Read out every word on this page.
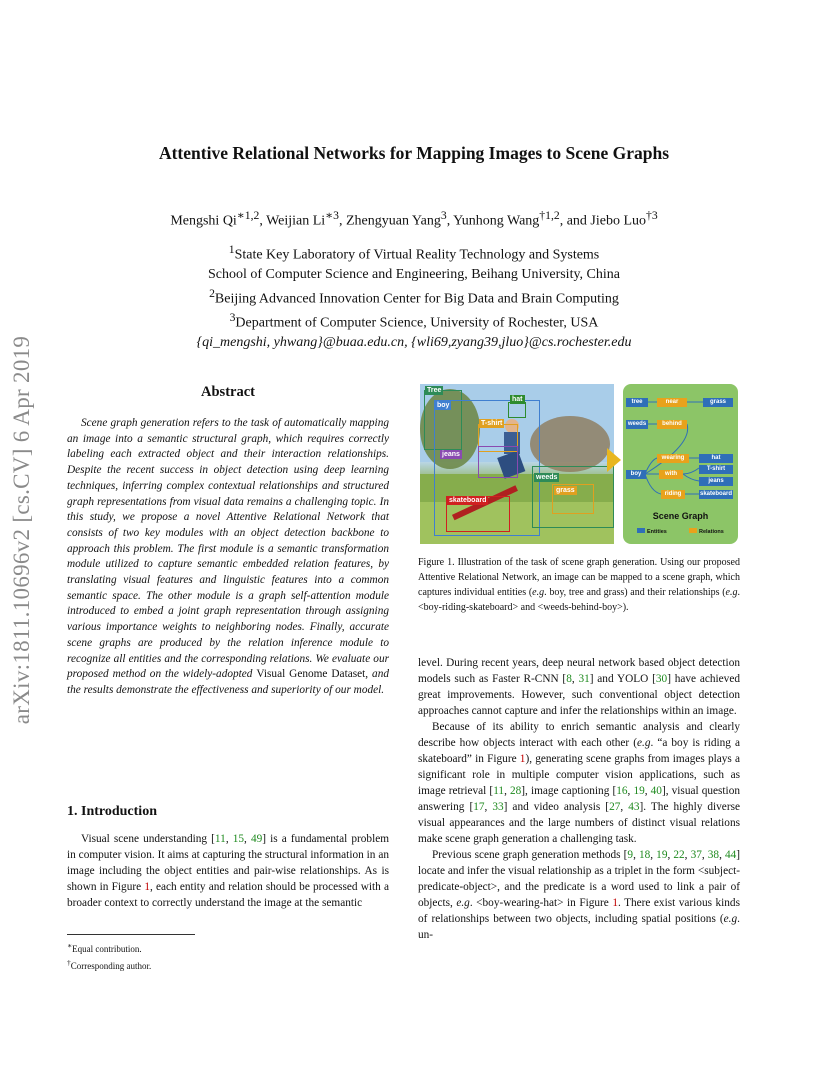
Attentive Relational Networks for Mapping Images to Scene Graphs
Mengshi $Qi^{∗1,2}$, Weijian $Li^{∗3}$, Zhengyuan Yang$^3$, Yunhong Wang$^{\dagger 1,2}$, and Jiebo Luo$^{\dagger 3}$
$^1$State Key Laboratory of Virtual Reality Technology and Systems
School of Computer Science and Engineering, Beihang University, China
$^2$Beijing Advanced Innovation Center for Big Data and Brain Computing
$^3$Department of Computer Science, University of Rochester, USA
{qi_mengshi, yhwang}@buaa.edu.cn, {wli69,zyang39,jluo}@cs.rochester.edu
arXiv:1811.10696v2 [cs.CV] 6 Apr 2019	Abstract

Scene graph generation refers to the task of automatically mapping an image into a semantic structural graph, which requires correctly labeling each extracted object and their interaction relationships. Despite the recent success in object detection using deep learning techniques, inferring complex contextual relationships and structured graph representations from visual data remains a challenging topic. In this study, we propose a novel Attentive Relational Network that consists of two key modules with an object detection backbone to approach this problem. The first module is a semantic transformation module utilized to capture semantic embedded relation features, by translating visual features and linguistic features into a common semantic space. The other module is a graph self-attention module introduced to embed a joint graph representation through assigning various importance weights to neighboring nodes. Finally, accurate scene graphs are produced by the relation inference module to recognize all entities and the corresponding relations. We evaluate our proposed method on the widely-adopted Visual Genome Dataset, and the results demonstrate the effectiveness and superiority of our model.

1. Introduction

Visual scene understanding [11, 15, 49] is a fundamental problem in computer vision. It aims at capturing the structural information in an image including the object entities and pair-wise relationships. As is shown in Figure 1, each entity and relation should be processed with a broader context to correctly understand the image at the semantic

∗Equal contribution.
†Corresponding author.
Tree
boy
hat
T-shirt
jeans
weeds
grass
skateboard
tree	near	grass
weeds	behind
boy
wearing
with
riding
hat
T-shirt
jeans
skateboard
Scene Graph
Entities	Relations
Figure 1. Illustration of the task of scene graph generation. Using our proposed Attentive Relational Network, an image can be mapped to a scene graph, which captures individual entities (e.g. boy, tree and grass) and their relationships (e.g. <boy-riding-skateboard> and <weeds-behind-boy>).

level. During recent years, deep neural network based object detection models such as Faster R-CNN [8, 31] and YOLO [30] have achieved great improvements. However, such conventional object detection approaches cannot capture and infer the relationships within an image.

Because of its ability to enrich semantic analysis and clearly describe how objects interact with each other (e.g. “a boy is riding a skateboard” in Figure 1), generating scene graphs from images plays a significant role in multiple computer vision applications, such as image retrieval [11, 28], image captioning [16, 19, 40], visual question answering [17, 33] and video analysis [27, 43]. The highly diverse visual appearances and the large numbers of distinct visual relations make scene graph generation a challenging task.

Previous scene graph generation methods [9, 18, 19, 22, 37, 38, 44] locate and infer the visual relationship as a triplet in the form <subject-predicate-object>, and the predicate is a word used to link a pair of objects, e.g. <boy-wearing-hat> in Figure 1. There exist various kinds of relationships between two objects, including spatial positions (e.g. un-
